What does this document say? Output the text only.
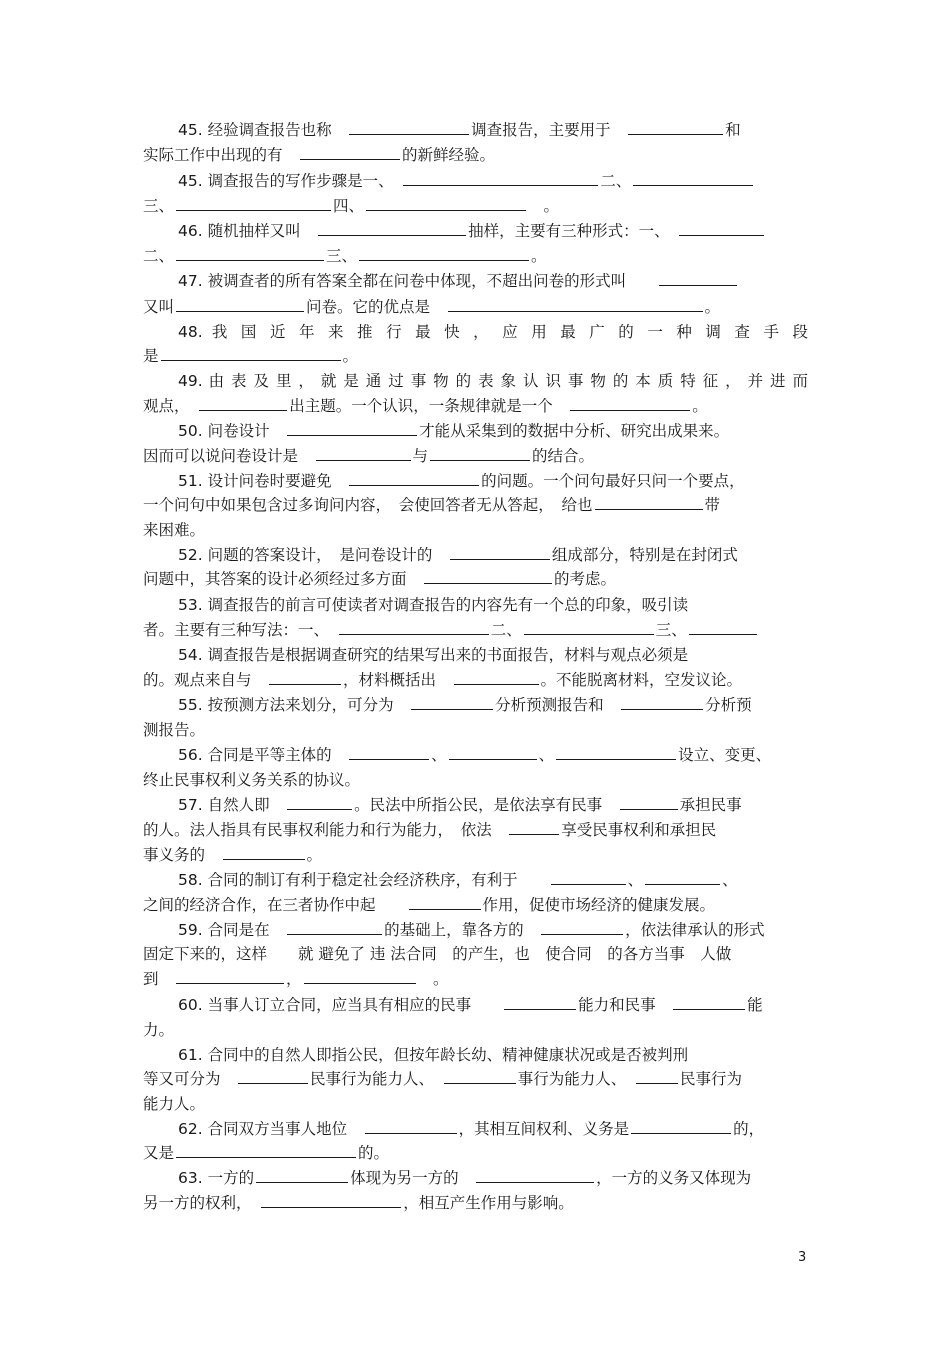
45. 经验调查报告也称　	调查报告，主要用于　	和
实际工作中出现的有　	的新鲜经验。
45. 调查报告的写作步骤是一、　	二、
三、	四、	　。
46. 随机抽样又叫　	抽样，主要有三种形式：一、　
二、	三、	。
47. 被调查者的所有答案全都在问卷中体现，不超出问卷的形式叫　　
又叫	问卷。它的优点是　	。
48. 我 国 近 年 来 推 行 最 快 ， 应 用 最 广 的 一 种 调 查 手 段
是	。
49. 由 表 及 里 ， 就 是 通 过 事 物 的 表 象 认 识 事 物 的 本 质 特 征 ， 并 进 而
观点，　	出主题。一个认识，一条规律就是一个　	。
50. 问卷设计　	才能从采集到的数据中分析、研究出成果来。
因而可以说问卷设计是　	与	的结合。
51. 设计问卷时要避免　	的问题。一个问句最好只问一个要点，
一个问句中如果包含过多询问内容，　会使回答者无从答起，　给也	带
来困难。
52. 问题的答案设计，　是问卷设计的　	组成部分，特别是在封闭式
问题中，其答案的设计必须经过多方面　	的考虑。
53. 调查报告的前言可使读者对调查报告的内容先有一个总的印象，吸引读
者。主要有三种写法：一、　	二、	三、
54. 调查报告是根据调查研究的结果写出来的书面报告，材料与观点必须是
的。观点来自与　	，材料概括出　	。不能脱离材料，空发议论。
55. 按预测方法来划分，可分为　	分析预测报告和　	分析预
测报告。
56. 合同是平等主体的　	、	、	设立、变更、
终止民事权利义务关系的协议。
57. 自然人即　	。民法中所指公民，是依法享有民事　	承担民事
的人。法人指具有民事权利能力和行为能力，　依法　	享受民事权利和承担民
事义务的　	。
58. 合同的制订有利于稳定社会经济秩序，有利于　　	、	、
之间的经济合作，在三者协作中起　　	作用，促使市场经济的健康发展。
59. 合同是在　	的基础上，靠各方的　	，依法律承认的形式
固定下来的，这样　　就 避免了 违 法合同　的产生，也　使合同　的各方当事　人做
到　	，	　。
60. 当事人订立合同，应当具有相应的民事　　	能力和民事　	能
力。
61. 合同中的自然人即指公民，但按年龄长幼、精神健康状况或是否被判刑
等又可分为　	民事行为能力人、　	事行为能力人、　	民事行为
能力人。
62. 合同双方当事人地位　	，其相互间权利、义务是	的，
又是	的。
63. 一方的	体现为另一方的　	，一方的义务又体现为
另一方的权利，　	，相互产生作用与影响。
3
